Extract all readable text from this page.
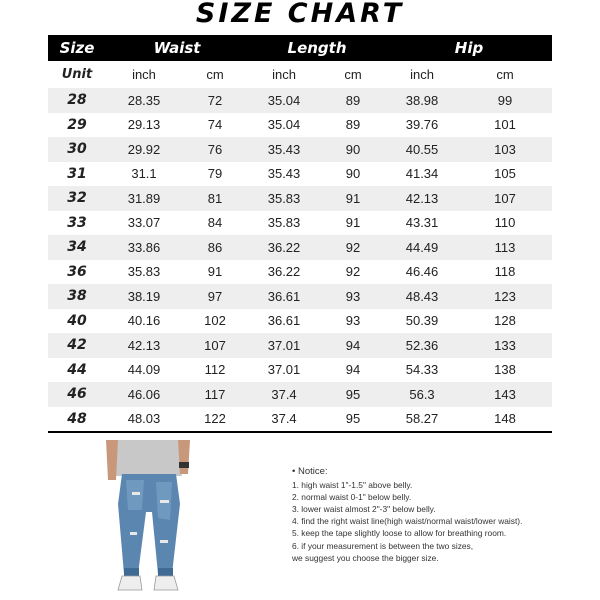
SIZE CHART
Size	Waist		Length		Hip	
Unit	inch	cm	inch	cm	inch	cm
28	28.35	72	35.04	89	38.98	99
29	29.13	74	35.04	89	39.76	101
30	29.92	76	35.43	90	40.55	103
31	31.1	79	35.43	90	41.34	105
32	31.89	81	35.83	91	42.13	107
33	33.07	84	35.83	91	43.31	110
34	33.86	86	36.22	92	44.49	113
36	35.83	91	36.22	92	46.46	118
38	38.19	97	36.61	93	48.43	123
40	40.16	102	36.61	93	50.39	128
42	42.13	107	37.01	94	52.36	133
44	44.09	112	37.01	94	54.33	138
46	46.06	117	37.4	95	56.3	143
48	48.03	122	37.4	95	58.27	148
• Notice:
1. high waist 1"-1.5" above belly.
2. normal waist 0-1" below belly.
3. lower waist almost 2"-3" below belly.
4. find the right waist line(high waist/normal waist/lower waist).
5. keep the tape slightly loose to allow for breathing room.
6. if your measurement is between the two sizes,
we suggest you choose the bigger size.
